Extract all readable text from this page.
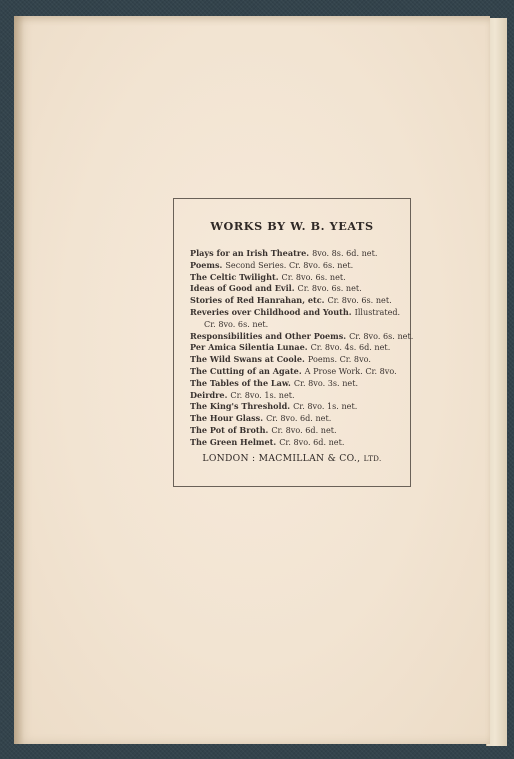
WORKS BY W. B. YEATS
Plays for an Irish Theatre. 8vo. 8s. 6d. net.
Poems. Second Series. Cr. 8vo. 6s. net.
The Celtic Twilight. Cr. 8vo. 6s. net.
Ideas of Good and Evil. Cr. 8vo. 6s. net.
Stories of Red Hanrahan, etc. Cr. 8vo. 6s. net.
Reveries over Childhood and Youth. Illustrated.
Cr. 8vo. 6s. net.
Responsibilities and Other Poems. Cr. 8vo. 6s. net.
Per Amica Silentia Lunae. Cr. 8vo. 4s. 6d. net.
The Wild Swans at Coole. Poems. Cr. 8vo.
The Cutting of an Agate. A Prose Work. Cr. 8vo.
The Tables of the Law. Cr. 8vo. 3s. net.
Deirdre. Cr. 8vo. 1s. net.
The King's Threshold. Cr. 8vo. 1s. net.
The Hour Glass. Cr. 8vo. 6d. net.
The Pot of Broth. Cr. 8vo. 6d. net.
The Green Helmet. Cr. 8vo. 6d. net.
LONDON : MACMILLAN & CO., LTD.
